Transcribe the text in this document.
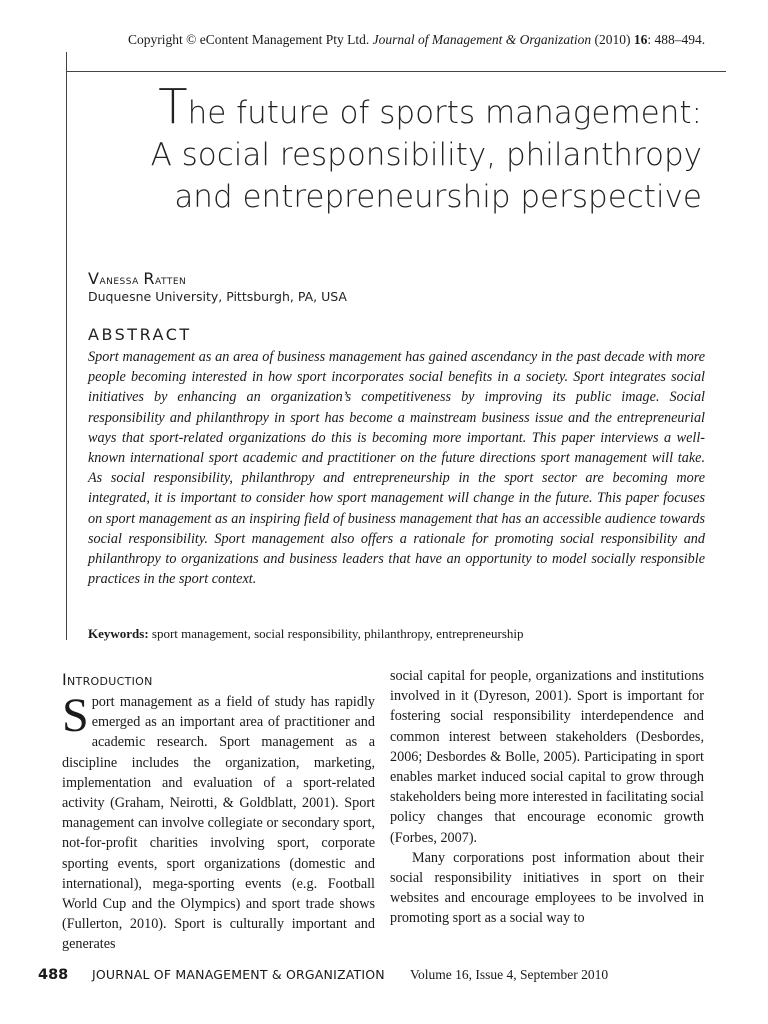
Copyright © eContent Management Pty Ltd. Journal of Management & Organization (2010) 16: 488–494.
The future of sports management:
A social responsibility, philanthropy
and entrepreneurship perspective
Vanessa Ratten
Duquesne University, Pittsburgh, PA, USA
ABSTRACT

Sport management as an area of business management has gained ascendancy in the past decade with more people becoming interested in how sport incorporates social benefits in a society. Sport integrates social initiatives by enhancing an organization’s competitiveness by improving its public image. Social responsibility and philanthropy in sport has become a mainstream business issue and the entrepreneurial ways that sport-related organizations do this is becoming more important. This paper interviews a well-known international sport academic and practitioner on the future directions sport management will take. As social responsibility, philanthropy and entrepreneurship in the sport sector are becoming more integrated, it is important to consider how sport management will change in the future. This paper focuses on sport management as an inspiring field of business management that has an accessible audience towards social responsibility. Sport management also offers a rationale for promoting social responsibility and philanthropy to organizations and business leaders that have an opportunity to model socially responsible practices in the sport context.

Keywords: sport management, social responsibility, philanthropy, entrepreneurship
Introduction

Sport management as a field of study has rapidly emerged as an important area of practitioner and academic research. Sport management as a discipline includes the organization, marketing, implementation and evaluation of a sport-related activity (Graham, Neirotti, & Goldblatt, 2001). Sport management can involve collegiate or secondary sport, not-for-profit charities involving sport, corporate sporting events, sport organizations (domestic and international), mega-sporting events (e.g. Football World Cup and the Olympics) and sport trade shows (Fullerton, 2010). Sport is culturally important and generates

social capital for people, organizations and institutions involved in it (Dyreson, 2001). Sport is important for fostering social responsibility interdependence and common interest between stakeholders (Desbordes, 2006; Desbordes & Bolle, 2005). Participating in sport enables market induced social capital to grow through stakeholders being more interested in facilitating social policy changes that encourage economic growth (Forbes, 2007).

Many corporations post information about their social responsibility initiatives in sport on their websites and encourage employees to be involved in promoting sport as a social way to

488 JOURNAL OF MANAGEMENT & ORGANIZATION Volume 16, Issue 4, September 2010
